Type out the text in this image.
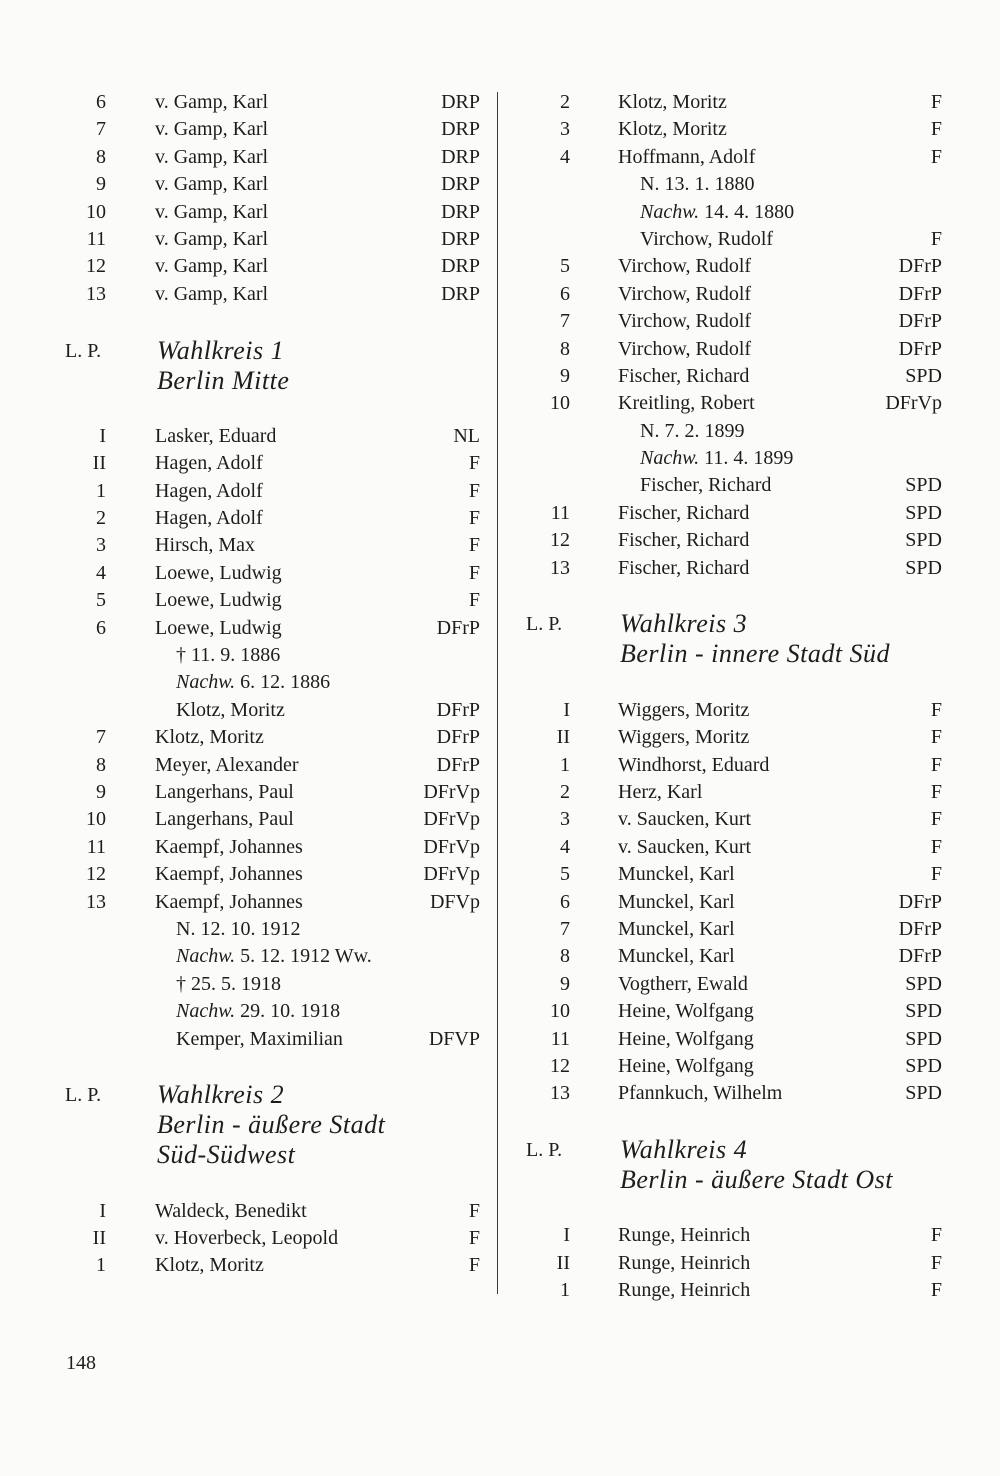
6 v. Gamp, Karl	DRP
7 v. Gamp, Karl	DRP
8 v. Gamp, Karl	DRP
9 v. Gamp, Karl	DRP
10 v. Gamp, Karl	DRP
11 v. Gamp, Karl	DRP
12 v. Gamp, Karl	DRP
13 v. Gamp, Karl	DRP
L. P. Wahlkreis 1
Berlin Mitte
I Lasker, Eduard	NL
II Hagen, Adolf	F
1 Hagen, Adolf	F
2 Hagen, Adolf	F
3 Hirsch, Max	F
4 Loewe, Ludwig	F
5 Loewe, Ludwig	F
6 Loewe, Ludwig	DFrP
† 11. 9. 1886
Nachw. 6. 12. 1886
Klotz, Moritz	DFrP
7 Klotz, Moritz	DFrP
8 Meyer, Alexander	DFrP
9 Langerhans, Paul	DFrVp
10 Langerhans, Paul	DFrVp
11 Kaempf, Johannes	DFrVp
12 Kaempf, Johannes	DFrVp
13 Kaempf, Johannes	DFVp
N. 12. 10. 1912
Nachw. 5. 12. 1912 Ww.
† 25. 5. 1918
Nachw. 29. 10. 1918
Kemper, Maximilian	DFVP
L. P. Wahlkreis 2
Berlin - äußere Stadt
Süd-Südwest
I Waldeck, Benedikt	F
II v. Hoverbeck, Leopold	F
1 Klotz, Moritz	F
2 Klotz, Moritz	F
3 Klotz, Moritz	F
4 Hoffmann, Adolf	F
N. 13. 1. 1880
Nachw. 14. 4. 1880
Virchow, Rudolf	F
5 Virchow, Rudolf	DFrP
6 Virchow, Rudolf	DFrP
7 Virchow, Rudolf	DFrP
8 Virchow, Rudolf	DFrP
9 Fischer, Richard	SPD
10 Kreitling, Robert	DFrVp
N. 7. 2. 1899
Nachw. 11. 4. 1899
Fischer, Richard	SPD
11 Fischer, Richard	SPD
12 Fischer, Richard	SPD
13 Fischer, Richard	SPD
L. P. Wahlkreis 3
Berlin - innere Stadt Süd
I Wiggers, Moritz	F
II Wiggers, Moritz	F
1 Windhorst, Eduard	F
2 Herz, Karl	F
3 v. Saucken, Kurt	F
4 v. Saucken, Kurt	F
5 Munckel, Karl	F
6 Munckel, Karl	DFrP
7 Munckel, Karl	DFrP
8 Munckel, Karl	DFrP
9 Vogtherr, Ewald	SPD
10 Heine, Wolfgang	SPD
11 Heine, Wolfgang	SPD
12 Heine, Wolfgang	SPD
13 Pfannkuch, Wilhelm	SPD
L. P. Wahlkreis 4
Berlin - äußere Stadt Ost
I Runge, Heinrich	F
II Runge, Heinrich	F
1 Runge, Heinrich	F
148
